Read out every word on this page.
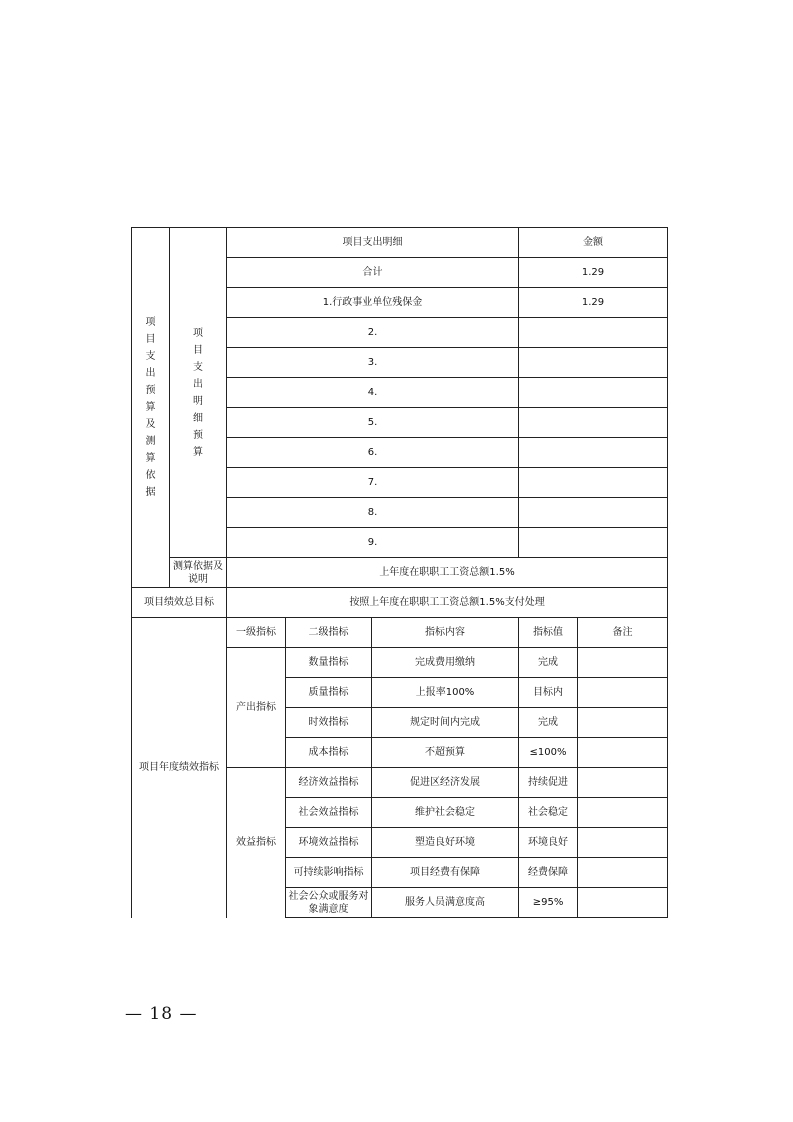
项目支出预算及测算依据	项目支出明细预算	项目支出明细			金额	
		合计			1.29	
		1.行政事业单位残保金			1.29	
		2.				
		3.				
		4.				
		5.				
		6.				
		7.				
		8.				
		9.				
	测算依据及说明	上年度在职职工工资总额1.5%				
项目绩效总目标		按照上年度在职职工工资总额1.5%支付处理				
项目年度绩效指标		一级指标	二级指标	指标内容	指标值	备注
		产出指标	数量指标	完成费用缴纳	完成	
			质量指标	上报率100%	目标内	
			时效指标	规定时间内完成	完成	
			成本指标	不超预算	≤100%	
		效益指标	经济效益指标	促进区经济发展	持续促进	
			社会效益指标	维护社会稳定	社会稳定	
			环境效益指标	塑造良好环境	环境良好	
			可持续影响指标	项目经费有保障	经费保障	
			社会公众或服务对象满意度	服务人员满意度高	≥95%	
— 18 —
